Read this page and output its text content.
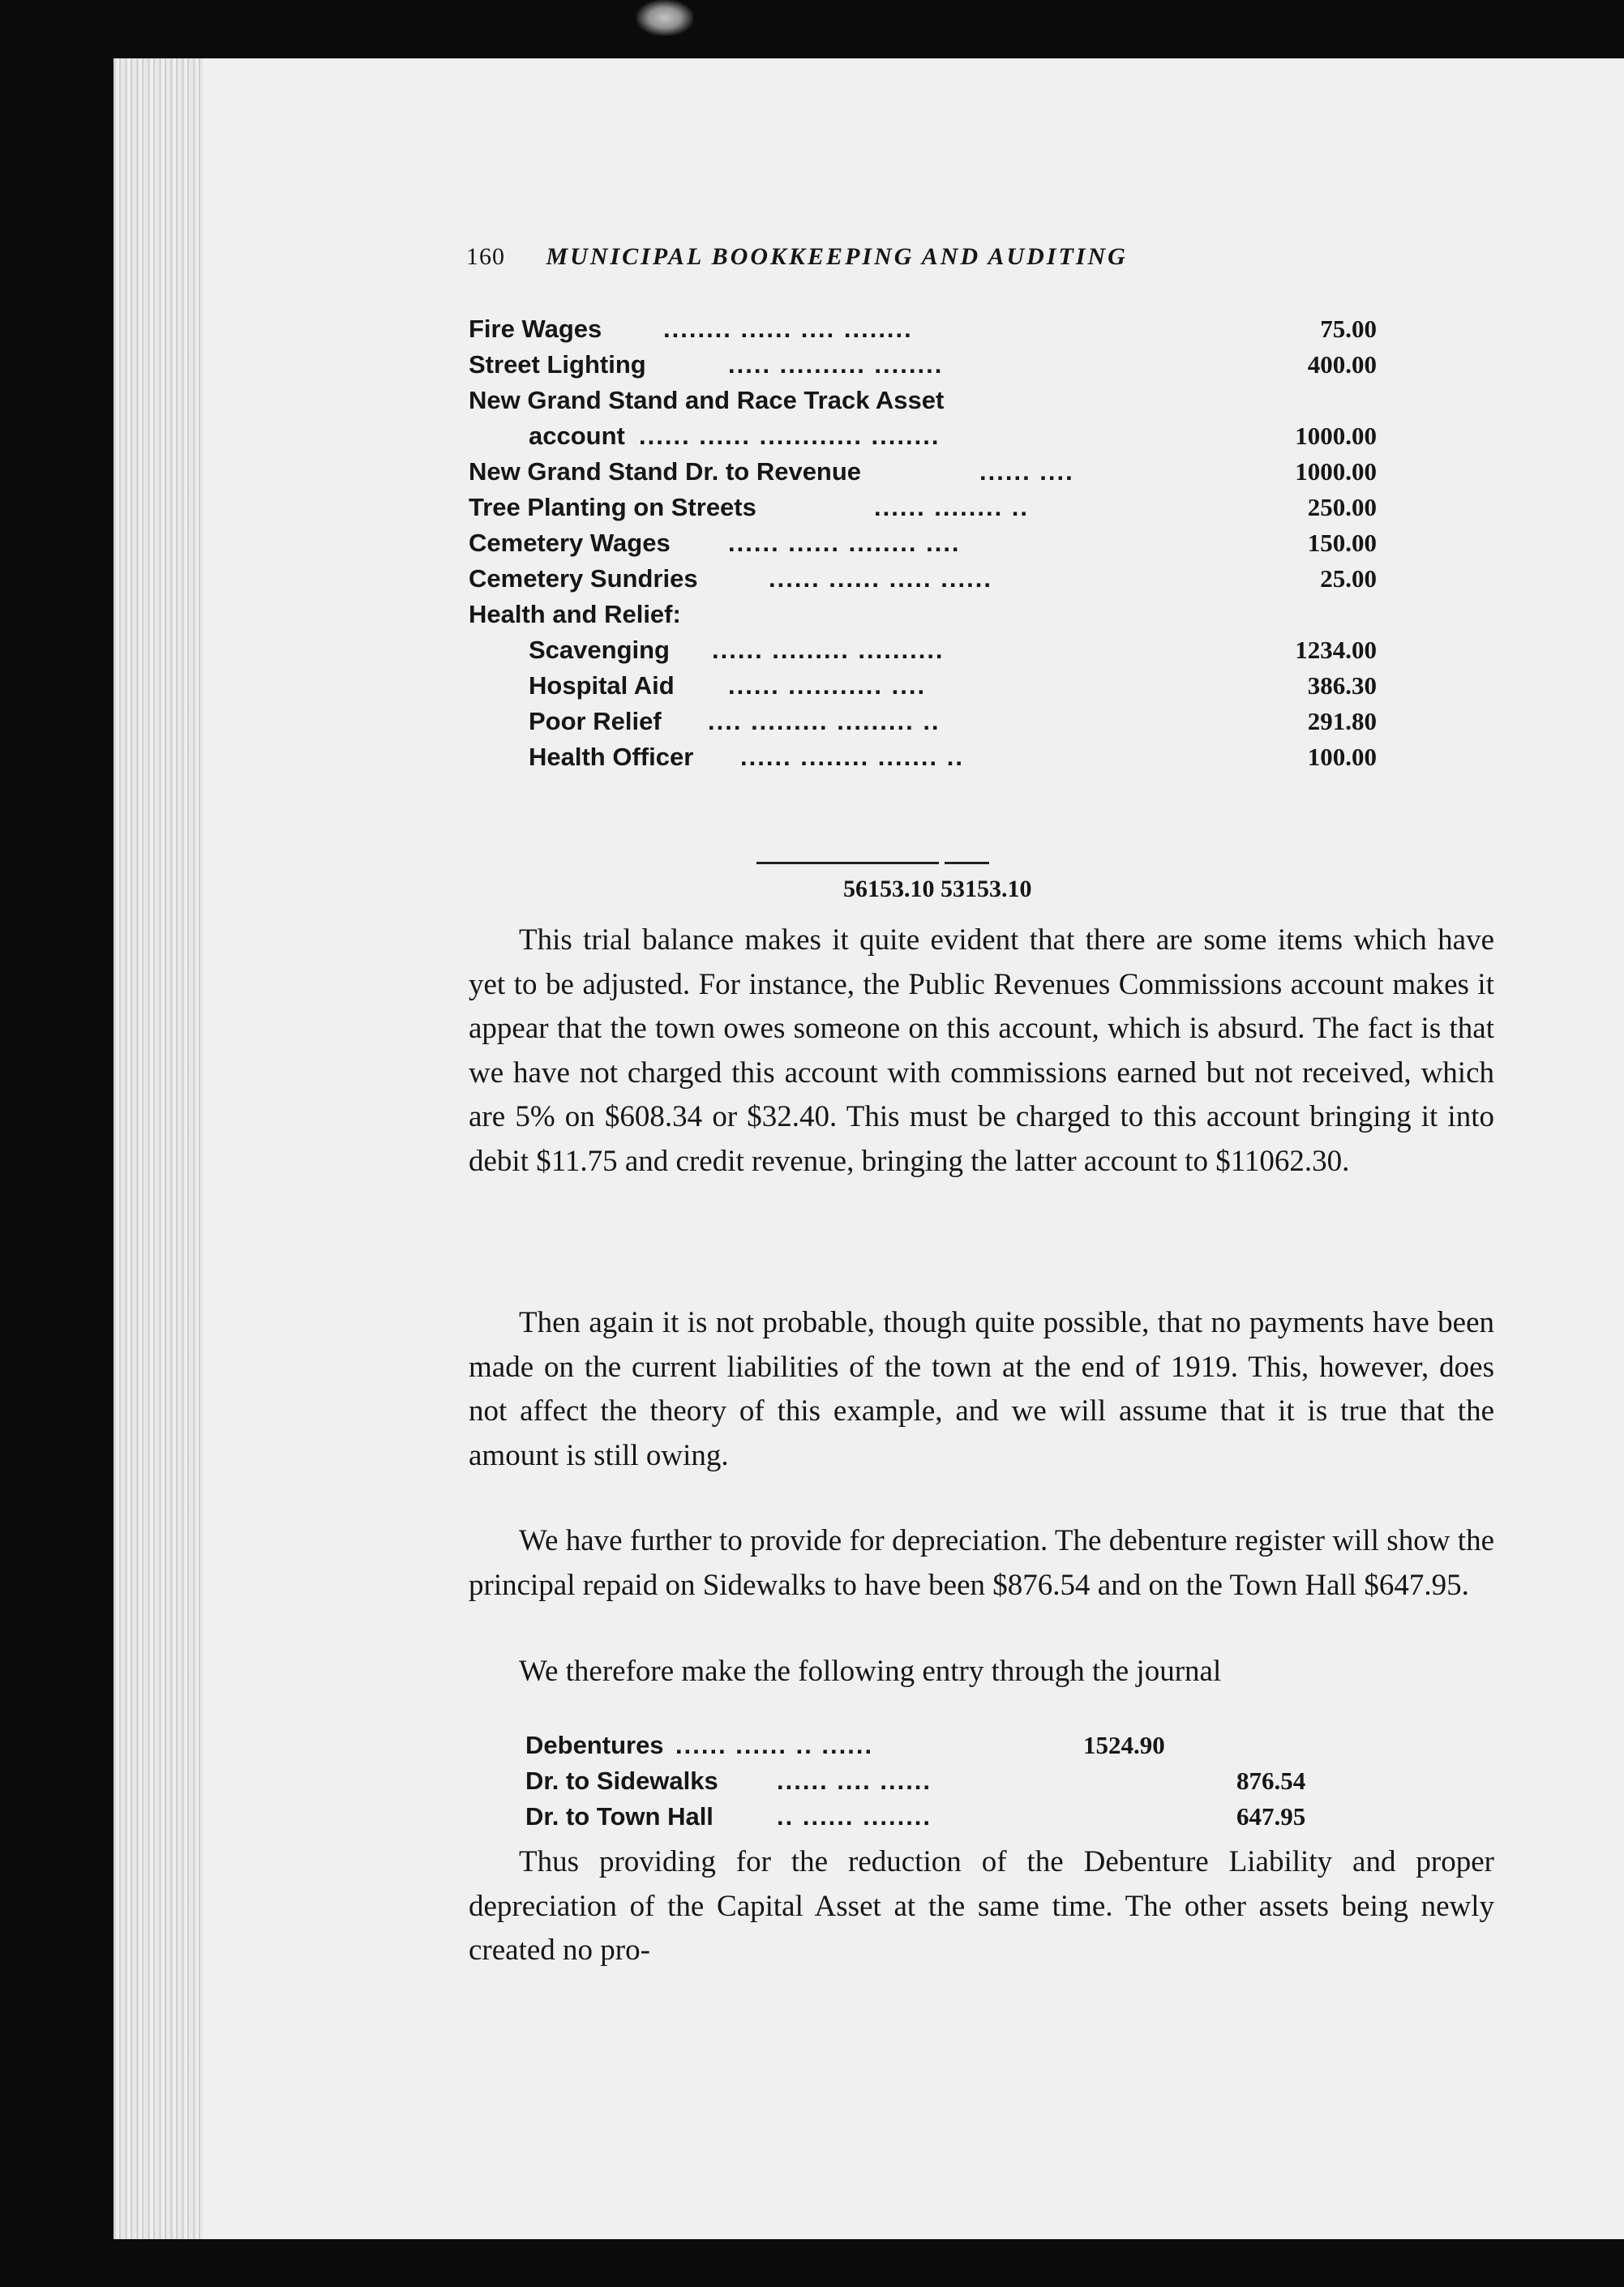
160 MUNICIPAL BOOKKEEPING AND AUDITING
Fire Wages ........ ...... .... ........	75.00
Street Lighting	..... .......... ........	400.00
New Grand Stand and Race Track Asset
account ...... ...... ............ ........	1000.00
New Grand Stand Dr. to Revenue	...... ....	1000.00
Tree Planting on Streets	...... ........ ..	250.00
Cemetery Wages ...... ...... ........ ....	150.00
Cemetery Sundries	...... ...... ..... ......	25.00
Health and Relief:
Scavenging ...... ......... ..........	1234.00
Hospital Aid ...... ........... ....	386.30
Poor Relief .... ......... ......... ..	291.80
Health Officer ...... ........ ....... ..	100.00
56153.10 53153.10

This trial balance makes it quite evident that there are some items which have yet to be adjusted. For instance, the Public Revenues Commissions account makes it appear that the town owes someone on this account, which is absurd. The fact is that we have not charged this account with commissions earned but not received, which are 5% on $608.34 or $32.40. This must be charged to this account bringing it into debit $11.75 and credit revenue, bringing the latter account to $11062.30.

Then again it is not probable, though quite possible, that no payments have been made on the current liabilities of the town at the end of 1919. This, however, does not affect the theory of this example, and we will assume that it is true that the amount is still owing.

We have further to provide for depreciation. The debenture register will show the principal repaid on Sidewalks to have been $876.54 and on the Town Hall $647.95.

We therefore make the following entry through the journal

Debentures ...... ...... .. ......	1524.90
Dr. to Sidewalks ...... .... ......	876.54
Dr. to Town Hall	.. ...... ........	647.95

Thus providing for the reduction of the Debenture Liability and proper depreciation of the Capital Asset at the same time. The other assets being newly created no pro-
